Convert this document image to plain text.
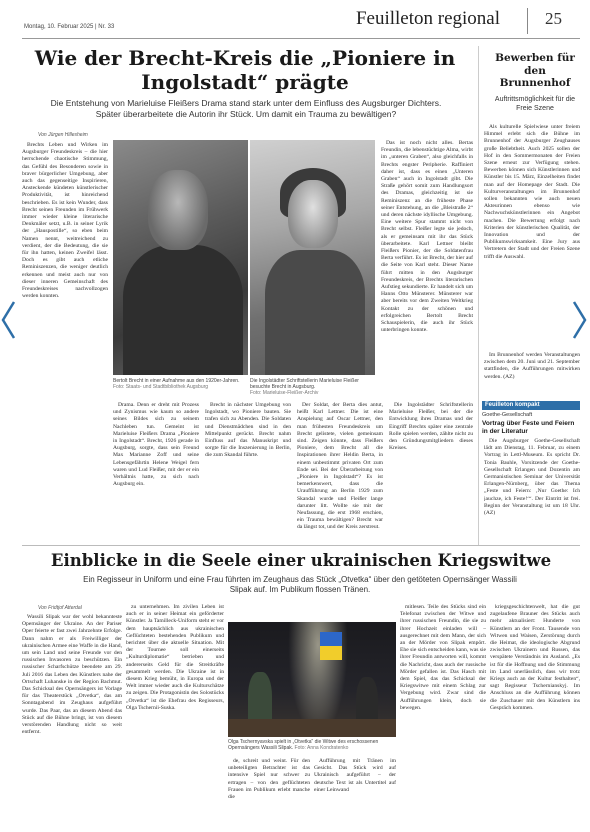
Montag, 10. Februar 2025 | Nr. 33	Feuilleton regional	25
Wie der Brecht-Kreis die „Pioniere in Ingolstadt“ prägte
Die Entstehung von Marieluise Fleißers Drama stand stark unter dem Einfluss des Augsburger Dichters. Später überarbeitete die Autorin ihr Stück. Um damit ein Trauma zu bewältigen?
Von Jürgen Hillesheim

Brechts Leben und Wirken im Augsburger Freundeskreis – die hier herrschende chaotische Stimmung, das Gefühl des Besonderen sowie in braver bürgerlicher Umgebung, aber auch das gegenseitige Inspirieren, Ansteckende kündeten künstlerischer Produktivität, ist hinreichend beschrieben. Es ist kein Wunder, dass Brecht seinen Freunden im Frühwerk immer wieder kleine literarische Denkmäler setzt, u.B. in seiner Lyrik der „Hauspostille“, so eben beim Namen nennt, weitreichend zu verdient, der die Bedeutung, die sie für ihn hatten, keinen Zweifel lässt. Doch es gibt auch etliche Reminiszenzen, die weniger deutlich erkennen und meist auch nur von dieser inneren Gemeinschaft des Freundeskreises nachvollzogen werden konnten.

Bertolt Brecht in einer Aufnahme aus den 1920er-Jahren.
Foto: Staats- und Stadtbibliothek Augsburg
Die Ingolstädter Schriftstellerin Marieluise Fleißer besuchte Brecht in Augsburg.
Foto: Marieluise-Fleißer-Archiv

Drama. Denn er dreht mit Prozess und Zynismus wie kaum so andere seines Bildes sich zu seinem Nachleben tun. Gemeint ist Marieluise Fleißers Drama „Pioniere in Ingolstadt“. Brecht, 1926 gerade in Augsburg, sorgte, dass sein Freund Max Marianne Zoff und seine Lebensgefährtin Helene Weigel fern waren und Lud Fleißer, mit der er ein Verhältnis hatte, zu sich nach Augsburg ein.

Brecht in nächster Umgebung von Ingolstadt, wo Pioniere bauten. Sie trafen sich zu Abenden. Die Soldaten und Dienstmädchen sind in den Mittelpunkt gerückt. Brecht nahm Einfluss auf das Manuskript und sorgte für die Inszenierung in Berlin, die zum Skandal führte.

Das ist noch nicht alles. Bertas Freundin, die lebenstüchtige Alma, wirbt im „unteren Graben“, also gleichfalls in Brechts engster Peripherie. Raffiniert daher ist, dass es einen „Unteren Graben“ auch in Ingolstadt gibt. Die Straße gehört somit zum Handlungsort des Dramas, gleichzeitig ist sie Reminiszenz an die früheste Phase seiner Entstehung, an die „Bleistraße 2“ und deren nächste idyllische Umgebung. Eine weitere Spur stammt nicht von Brecht selbst. Fleißer legte sie jedoch, als er gemeinsam mit ihr das Stück überarbeitete. Karl Lettner bleibt Fleißers Pionier, der die Soldatenfrau Berta verführt. Es ist Brecht, der hier auf die Seite von Karl steht. Dieser Name führt mitten in den Augsburger Freundeskreis, der Brechts literarischen Aufstieg sekundierte. Er handelt sich um Hanns Otto Münsterer. Münsterer war aber bereits vor dem Zweiten Weltkrieg Kontakt zu der schönen und erfolgreichen Bertolt Brecht Schauspielerin, die auch ihr Stück unterbringen konnte.

Der Soldat, der Berta dies antut, heißt Karl Lettner. Die ist eine Anspielung auf Oscar Lettner, den man frühesten Freundeskreis um Brecht gelistete, vielen gemeinsam sind. Zeigen könnte, dass Fleißers Pioniere, dem Brecht all die Inspirationen ihrer Heldin Berta, in einem unbestimmt privaten Ort zum Ende sei. Bei der Überarbeitung von „Pioniere in Ingolstadt“? Es ist bemerkenswert, dass die Uraufführung an Berlin 1929 zum Skandal wurde und Fleißer lange darunter litt. Wollte sie mit der Neufassung, die erst 1968 erschien, ein Trauma bewältigen? Brecht war da längst tot, und der Kreis zerstreut.

Die Ingolstädter Schriftstellerin Marieluise Fleißer, bei der die Entwicklung ihres Dramas und der Eingriff Brechts später eine zentrale Rolle spielen werden, zählte nicht zu den Gründungsmitgliedern dieses Kreises.

Bewerben für den Brunnenhof
Auftrittsmöglichkeit für die Freie Szene

Als kulturelle Spielwiese unter freiem Himmel erlebt sich die Bühne im Brunnenhof der Augsburger Zeughauses große Beliebtheit. Auch 2025 sollen der Hof in den Sommermonaten der Freien Szene erneut zur Verfügung stehen. Bewerben können sich Künstlerinnen und Künstler bis 15. März, Einzelheiten findet man auf der Homepage der Stadt. Die Kulturveranstaltungen im Brunnenhof sollen bekannten wie auch neuen Akteurinnen ebenso wie Nachwuchskünstlerinnen ein Angebot machen. Die Bewertung erfolgt nach Kriterien der künstlerischen Qualität, der Innovation und der Publikumswirksamkeit. Eine Jury aus Vertretern der Stadt und der Freien Szene trifft die Auswahl.

Im Brunnenhof werden Veranstaltungen zwischen dem 20. Juni und 21. September stattfinden, die Aufführungen mitwirken werden. (AZ)

Feuilleton kompakt
Goethe-Gesellschaft
Vortrag über Feste und Feiern in der Literatur

Die Augsburger Goethe-Gesellschaft lädt am Dienstag, 11. Februar, zu einem Vortrag in Lettl-Museum. Es spricht Dr. Tonia Bauhle, Vorsitzende der Goethe-Gesellschaft Erlangen und Dozentin am Germanistischen Seminar der Universität Erlangen-Nürnberg, über das Thema „Feste und Feiern: ‚Nur Goethe: Ich jauchze, ich Feste!‘“. Der Eintritt ist frei. Beginn der Veranstaltung ist um 18 Uhr. (AZ)

Einblicke in die Seele einer ukrainischen Kriegswitwe
Ein Regisseur in Uniform und eine Frau führten im Zeughaus das Stück „Otvetka“ über den getöteten Opernsänger Wassili Slipak auf. Im Publikum flossen Tränen.
Von Fridtjof Atterdal

Wassili Slipak war der wohl bekannteste Opernsänger der Ukraine. An der Pariser Oper feierte er fast zwei Jahrzehnte Erfolge. Dann nahm er als Freiwilliger der ukrainischen Armee eine Waffe in die Hand, um sein Land und seine Freunde vor den russischen Invasoren zu beschützen. Ein russischer Scharfschütze beendete am 29. Juli 2016 das Leben des Künstlers nahe der Ortschaft Luhanske in der Region Bachmut. Das Schicksal des Opernsängers ist Vorlage für das Theaterstück „Otvetka“, das am Sonntagabend im Zeughaus aufgeführt wurde. Das Paar, das an diesem Abend das Stück auf die Bühne bringt, ist von diesem verstörenden Handlung nicht so weit entfernt.

zu unternehmen. Im zivilen Leben ist auch er in seiner Heimat ein geförderter Künstler. Ja Tamilleck-Uniform steht er vor dem hauptsächlich aus ukrainischen Geflüchteten bestehenden Publikum und berichtet über die aktuelle Situation. Mit der Tournee soll einerseits „Kulturdiplomatie“ betrieben und andererseits Geld für die Streitkräfte gesammelt werden. Die Ukraine ist in diesem Krieg bemüht, in Europa und der Welt immer wieder auch die Kulturschätze zu zeigen. Die Protagonistin des Solostücks „Otvetka“ ist die Ehefrau des Regisseurs, Olga Tschernii-Suska.

Olga Tschernyavska spielt in „Otvetka“ die Witwe des erschossenen Opernsängers Wassili Slipak. Foto: Anna Kondratenko

de, schreit und weint. Für den unbeteiligten Betrachter ist das intensive Spiel nur schwer zu ertragen – von den geflüchteten Frauen im Publikum erlebt manche die

Aufführung mit Tränen im Gesicht. Das Stück wird auf Ukrainisch aufgeführt – der deutsche Text ist als Untertitel auf einer Leinwand

mitlesen. Teile des Stücks sind ein Telefonat zwischen der Witwe und ihrer russischen Freundin, die sie zu ihrer Hochzeit einladen will – ausgerechnet mit dem Mann, der sich an der Mörder von Slipak empört. Ehe sie sich entscheiden kann, was sie ihrer Freundin antworten will, kommt die Nachricht, dass auch der russische Mörder gefallen ist. Das Hasch mit dem Spiel, das das Schicksal der Kriegswitwe mit einem Schlag zur Vergebung wird. Zwar sind die Aufführungen klein, doch sie bewegen.

kriegsgeschichtenwelt, hat die gut zugelaufene Brauner des Stücks auch mehr aktualisiert: Hunderte von Künstlern an der Front. Tausende von Witwen und Waisen, Zerstörung durch die Heimat, die ideologische Abgrund zwischen Ukrainern und Russen, das verspätete Verständnis im Ausland. „Es ist für die Hoffnung und die Stimmung im Land unerlässlich, dass wir trotz Kriegs auch an der Kultur festhalten“, sagt Regisseur Tschernianskyj. Im Anschluss an die Aufführung können die Zuschauer mit den Künstlern ins Gespräch kommen.
